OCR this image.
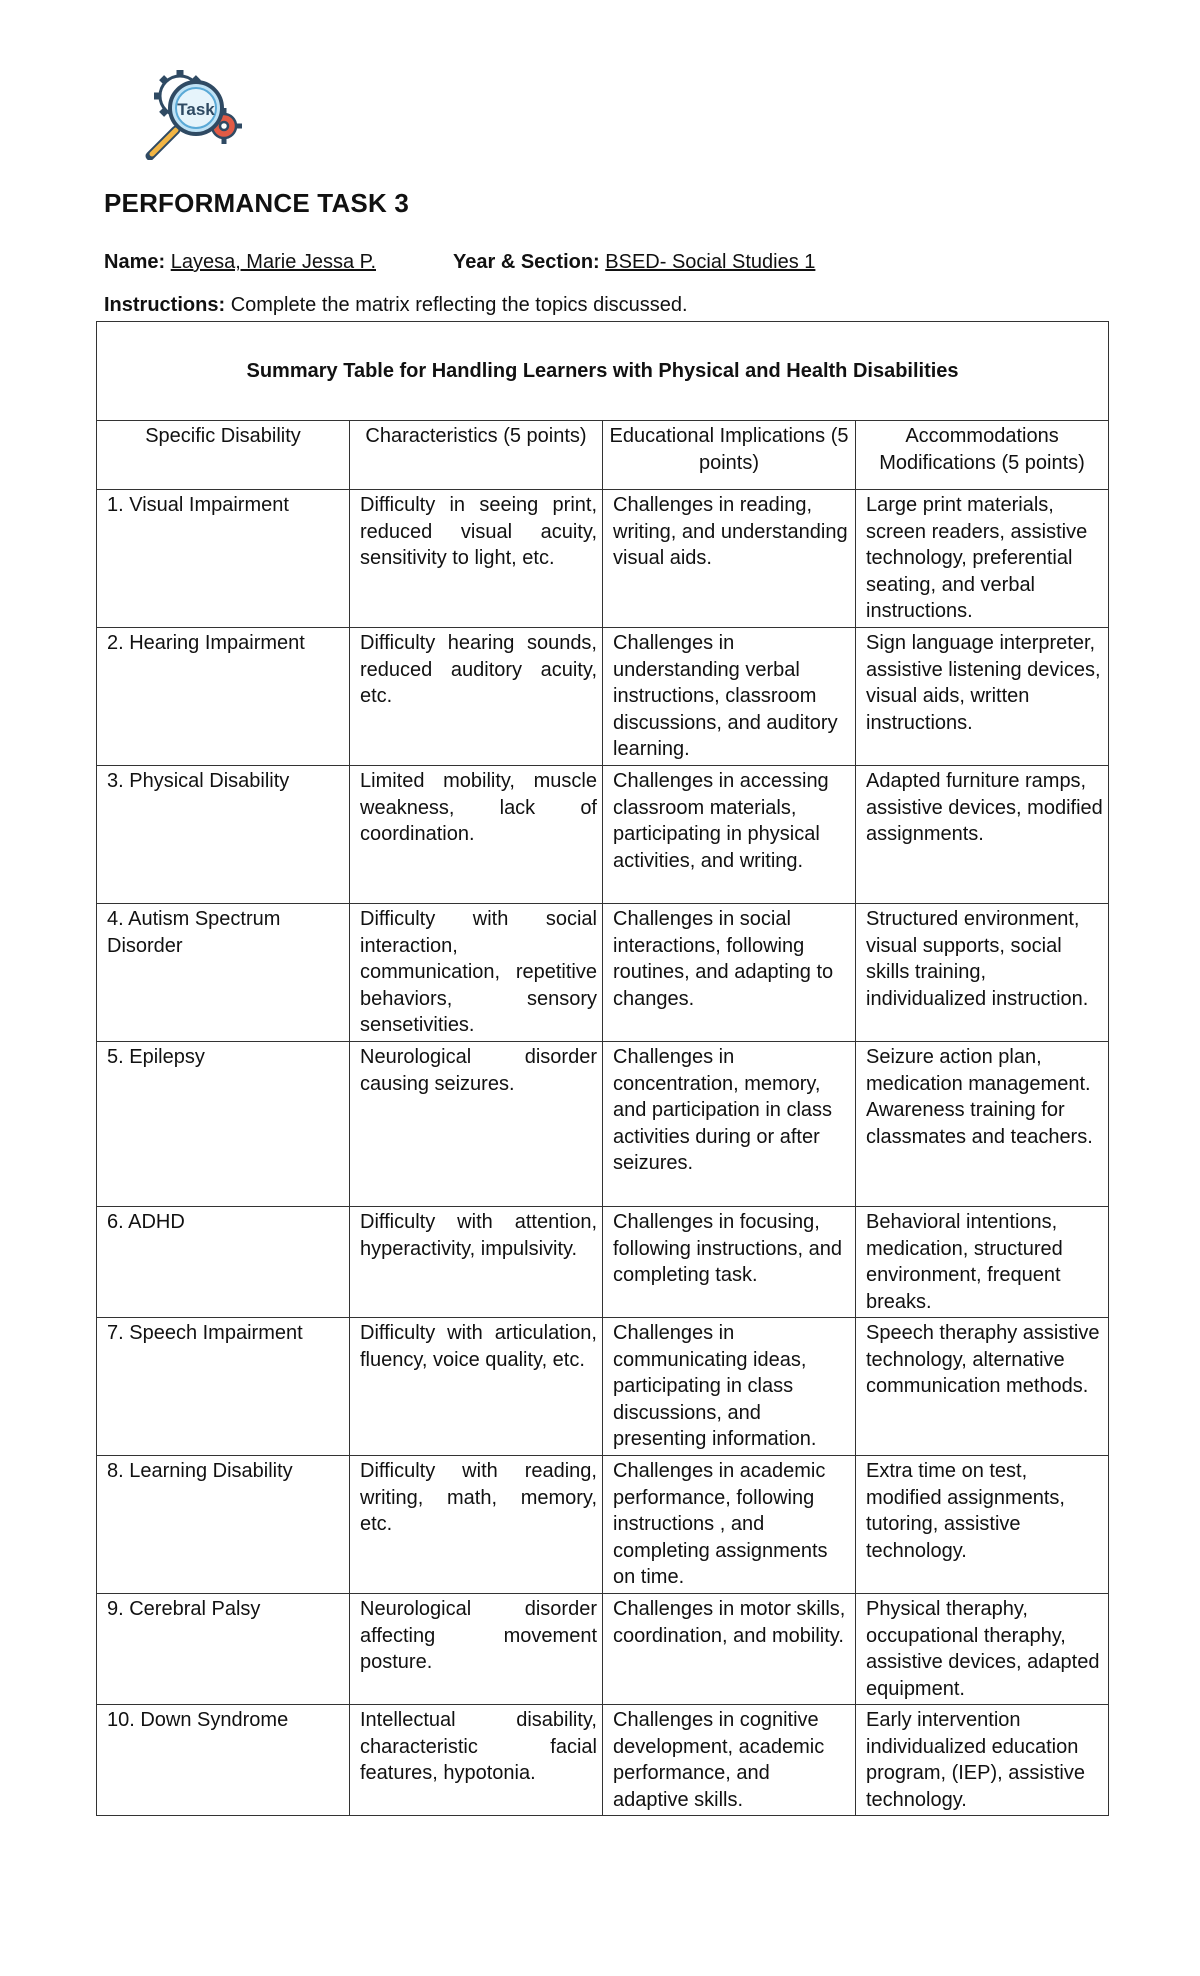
Task
PERFORMANCE TASK 3
Name: Layesa, Marie Jessa P.	Year & Section: BSED- Social Studies 1
Instructions: Complete the matrix reflecting the topics discussed.
Summary Table for Handling Learners with Physical and Health Disabilities			
Specific Disability	Characteristics (5 points)	Educational Implications (5 points)	Accommodations Modifications (5 points)
1. Visual Impairment	Difficulty in seeing print, reduced visual acuity, sensitivity to light, etc.	Challenges in reading, writing, and understanding visual aids.	Large print materials, screen readers, assistive technology, preferential seating, and verbal instructions.
2. Hearing Impairment	Difficulty hearing sounds, reduced auditory acuity, etc.	Challenges in understanding verbal instructions, classroom discussions, and auditory learning.	Sign language interpreter, assistive listening devices, visual aids, written instructions.
3. Physical Disability	Limited mobility, muscle weakness, lack of coordination.	Challenges in accessing classroom materials, participating in physical activities, and writing.	Adapted furniture ramps, assistive devices, modified assignments.
4. Autism Spectrum Disorder	Difficulty with social interaction, communication, repetitive behaviors, sensory sensetivities.	Challenges in social interactions, following routines, and adapting to changes.	Structured environment, visual supports, social skills training, individualized instruction.
5. Epilepsy	Neurological disorder causing seizures.	Challenges in concentration, memory, and participation in class activities during or after seizures.	Seizure action plan, medication management. Awareness training for classmates and teachers.
6. ADHD	Difficulty with attention, hyperactivity, impulsivity.	Challenges in focusing, following instructions, and completing task.	Behavioral intentions, medication, structured environment, frequent breaks.
7. Speech Impairment	Difficulty with articulation, fluency, voice quality, etc.	Challenges in communicating ideas, participating in class discussions, and presenting information.	Speech theraphy assistive technology, alternative communication methods.
8. Learning Disability	Difficulty with reading, writing, math, memory, etc.	Challenges in academic performance, following instructions , and completing assignments on time.	Extra time on test, modified assignments, tutoring, assistive technology.
9. Cerebral Palsy	Neurological disorder affecting movement posture.	Challenges in motor skills, coordination, and mobility.	Physical theraphy, occupational theraphy, assistive devices, adapted equipment.
10. Down Syndrome	Intellectual disability, characteristic facial features, hypotonia.	Challenges in cognitive development, academic performance, and adaptive skills.	Early intervention individualized education program, (IEP), assistive technology.
